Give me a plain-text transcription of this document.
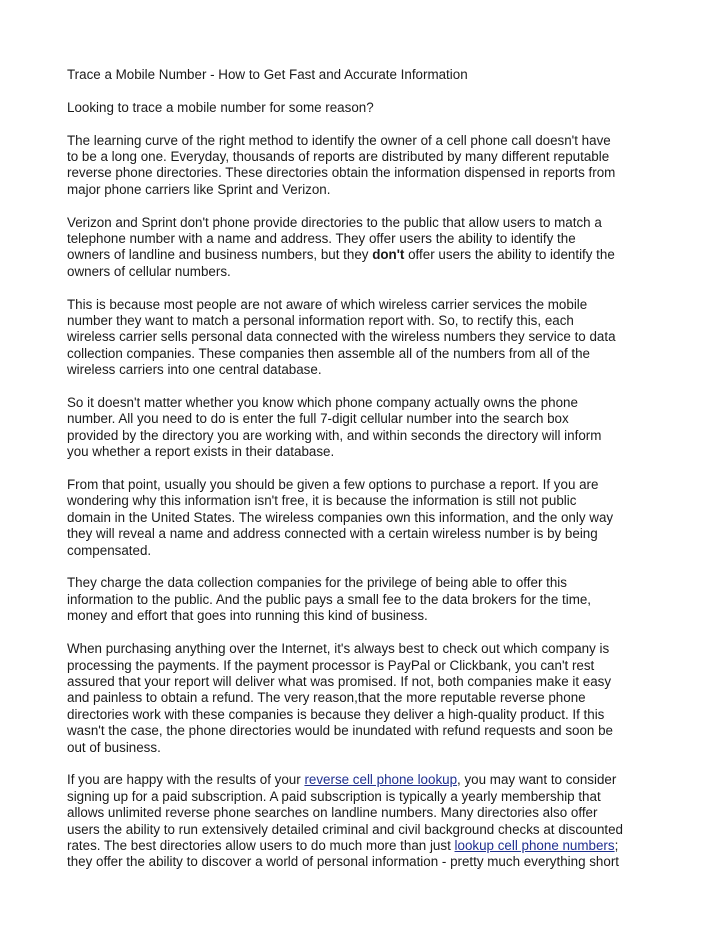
Trace a Mobile Number - How to Get Fast and Accurate Information

Looking to trace a mobile number for some reason?

The learning curve of the right method to identify the owner of a cell phone call doesn't have
to be a long one. Everyday, thousands of reports are distributed by many different reputable
reverse phone directories. These directories obtain the information dispensed in reports from
major phone carriers like Sprint and Verizon.

Verizon and Sprint don't phone provide directories to the public that allow users to match a
telephone number with a name and address. They offer users the ability to identify the
owners of landline and business numbers, but they don't offer users the ability to identify the
owners of cellular numbers.

This is because most people are not aware of which wireless carrier services the mobile
number they want to match a personal information report with. So, to rectify this, each
wireless carrier sells personal data connected with the wireless numbers they service to data
collection companies. These companies then assemble all of the numbers from all of the
wireless carriers into one central database.

So it doesn't matter whether you know which phone company actually owns the phone
number. All you need to do is enter the full 7-digit cellular number into the search box
provided by the directory you are working with, and within seconds the directory will inform
you whether a report exists in their database.

From that point, usually you should be given a few options to purchase a report. If you are
wondering why this information isn't free, it is because the information is still not public
domain in the United States. The wireless companies own this information, and the only way
they will reveal a name and address connected with a certain wireless number is by being
compensated.

They charge the data collection companies for the privilege of being able to offer this
information to the public. And the public pays a small fee to the data brokers for the time,
money and effort that goes into running this kind of business.

When purchasing anything over the Internet, it's always best to check out which company is
processing the payments. If the payment processor is PayPal or Clickbank, you can't rest
assured that your report will deliver what was promised. If not, both companies make it easy
and painless to obtain a refund. The very reason,that the more reputable reverse phone
directories work with these companies is because they deliver a high-quality product. If this
wasn't the case, the phone directories would be inundated with refund requests and soon be
out of business.

If you are happy with the results of your reverse cell phone lookup, you may want to consider
signing up for a paid subscription. A paid subscription is typically a yearly membership that
allows unlimited reverse phone searches on landline numbers. Many directories also offer
users the ability to run extensively detailed criminal and civil background checks at discounted
rates. The best directories allow users to do much more than just lookup cell phone numbers;
they offer the ability to discover a world of personal information - pretty much everything short
